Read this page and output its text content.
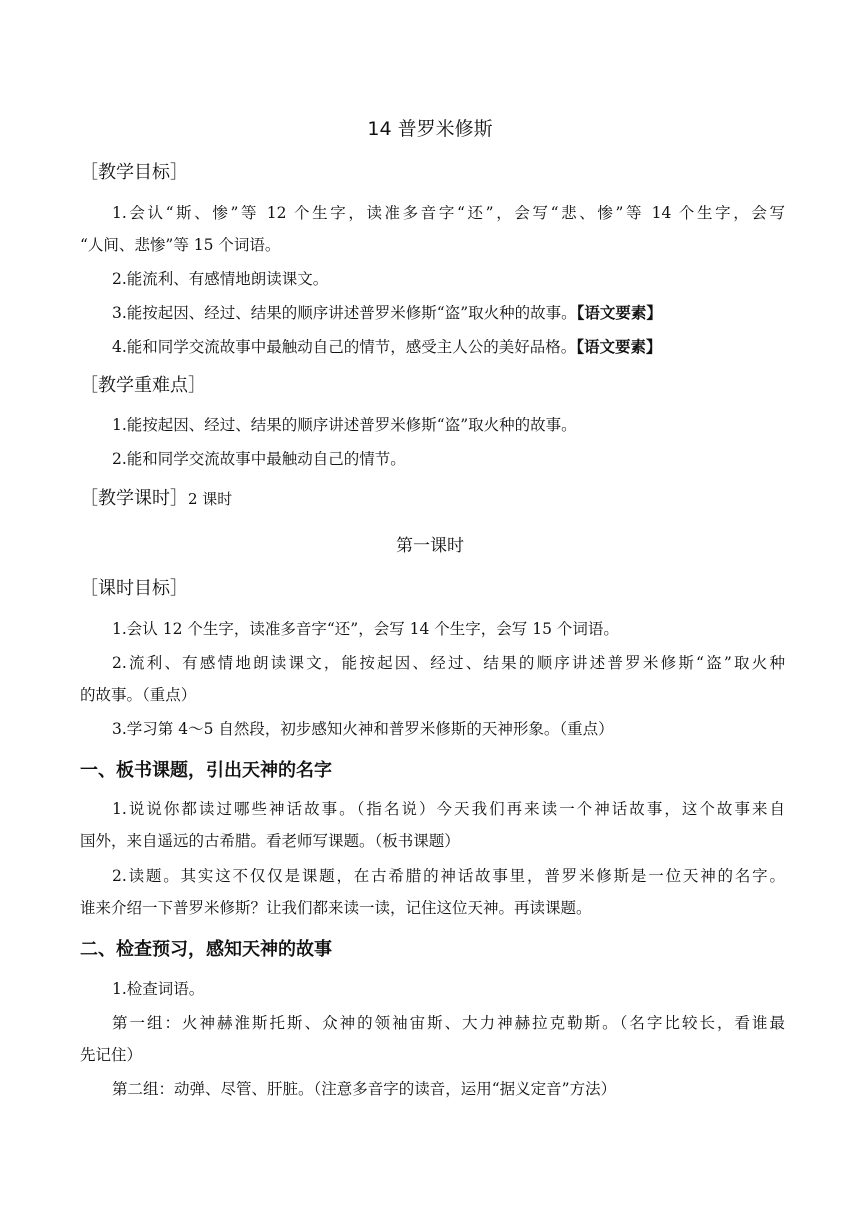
14 普罗米修斯
［教学目标］
1.会认“斯、惨”等 12 个生字，读准多音字“还”，会写“悲、惨”等 14 个生字，会写
“人间、悲惨”等 15 个词语。
2.能流利、有感情地朗读课文。
3.能按起因、经过、结果的顺序讲述普罗米修斯“盗”取火种的故事。【语文要素】
4.能和同学交流故事中最触动自己的情节，感受主人公的美好品格。【语文要素】
［教学重难点］
1.能按起因、经过、结果的顺序讲述普罗米修斯“盗”取火种的故事。
2.能和同学交流故事中最触动自己的情节。
［教学课时］2 课时
第一课时
［课时目标］
1.会认 12 个生字，读准多音字“还”，会写 14 个生字，会写 15 个词语。
2.流利、有感情地朗读课文，能按起因、经过、结果的顺序讲述普罗米修斯“盗”取火种
的故事。（重点）
3.学习第 4～5 自然段，初步感知火神和普罗米修斯的天神形象。（重点）
一、板书课题，引出天神的名字
1.说说你都读过哪些神话故事。（指名说）今天我们再来读一个神话故事，这个故事来自
国外，来自遥远的古希腊。看老师写课题。（板书课题）
2.读题。其实这不仅仅是课题，在古希腊的神话故事里，普罗米修斯是一位天神的名字。
谁来介绍一下普罗米修斯？让我们都来读一读，记住这位天神。再读课题。
二、检查预习，感知天神的故事
1.检查词语。
第一组：火神赫淮斯托斯、众神的领袖宙斯、大力神赫拉克勒斯。（名字比较长，看谁最
先记住）
第二组：动弹、尽管、肝脏。（注意多音字的读音，运用“据义定音”方法）
